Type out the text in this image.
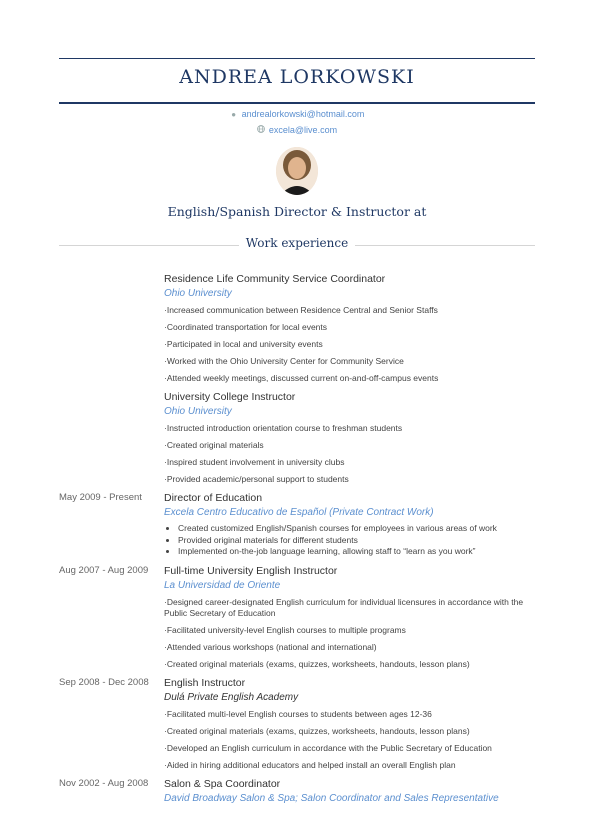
ANDREA LORKOWSKI
● andrealorkowski@hotmail.com
excela@live.com
English/Spanish Director & Instructor at
Work experience
Residence Life Community Service Coordinator
Ohio University
·Increased communication between Residence Central and Senior Staffs
·Coordinated transportation for local events
·Participated in local and university events
·Worked with the Ohio University Center for Community Service
·Attended weekly meetings, discussed current on-and-off-campus events
University College Instructor
Ohio University
·Instructed introduction orientation course to freshman students
·Created original materials
·Inspired student involvement in university clubs
·Provided academic/personal support to students
May 2009 - Present	Director of Education
Excela Centro Educativo de Español (Private Contract Work)
• Created customized English/Spanish courses for employees in various areas of work
• Provided original materials for different students
• Implemented on-the-job language learning, allowing staff to “learn as you work”
Aug 2007 - Aug 2009	Full-time University English Instructor
La Universidad de Oriente
·Designed career-designated English curriculum for individual licensures in accordance with the Public Secretary of Education
·Facilitated university-level English courses to multiple programs
·Attended various workshops (national and international)
·Created original materials (exams, quizzes, worksheets, handouts, lesson plans)
Sep 2008 - Dec 2008	English Instructor
Dulá Private English Academy
·Facilitated multi-level English courses to students between ages 12-36
·Created original materials (exams, quizzes, worksheets, handouts, lesson plans)
·Developed an English curriculum in accordance with the Public Secretary of Education
·Aided in hiring additional educators and helped install an overall English plan
Nov 2002 - Aug 2008	Salon & Spa Coordinator
David Broadway Salon & Spa; Salon Coordinator and Sales Representative
